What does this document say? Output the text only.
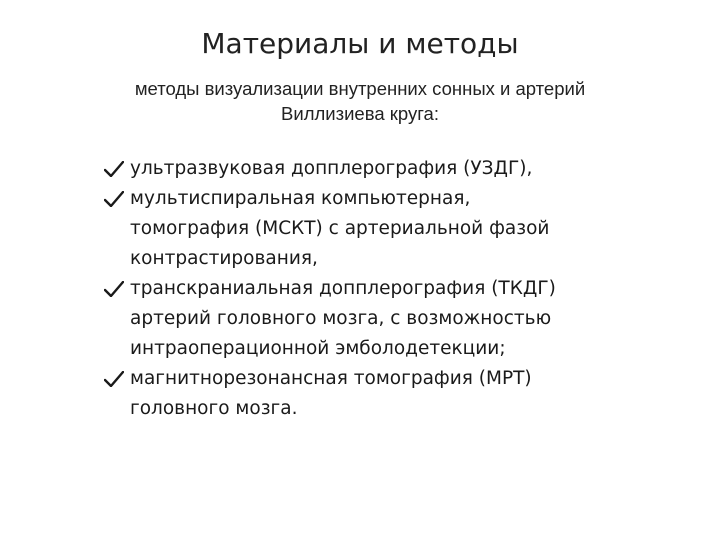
Материалы и методы
методы визуализации внутренних сонных и артерий
Виллизиева круга:
ультразвуковая допплерография (УЗДГ),
мультиспиральная компьютерная,
томография (МСКТ) с артериальной фазой
контрастирования,
транскраниальная допплерография (ТКДГ)
артерий головного мозга, с возможностью
интраоперационной эмболодетекции;
магнитнорезонансная томография (МРТ)
головного мозга.
